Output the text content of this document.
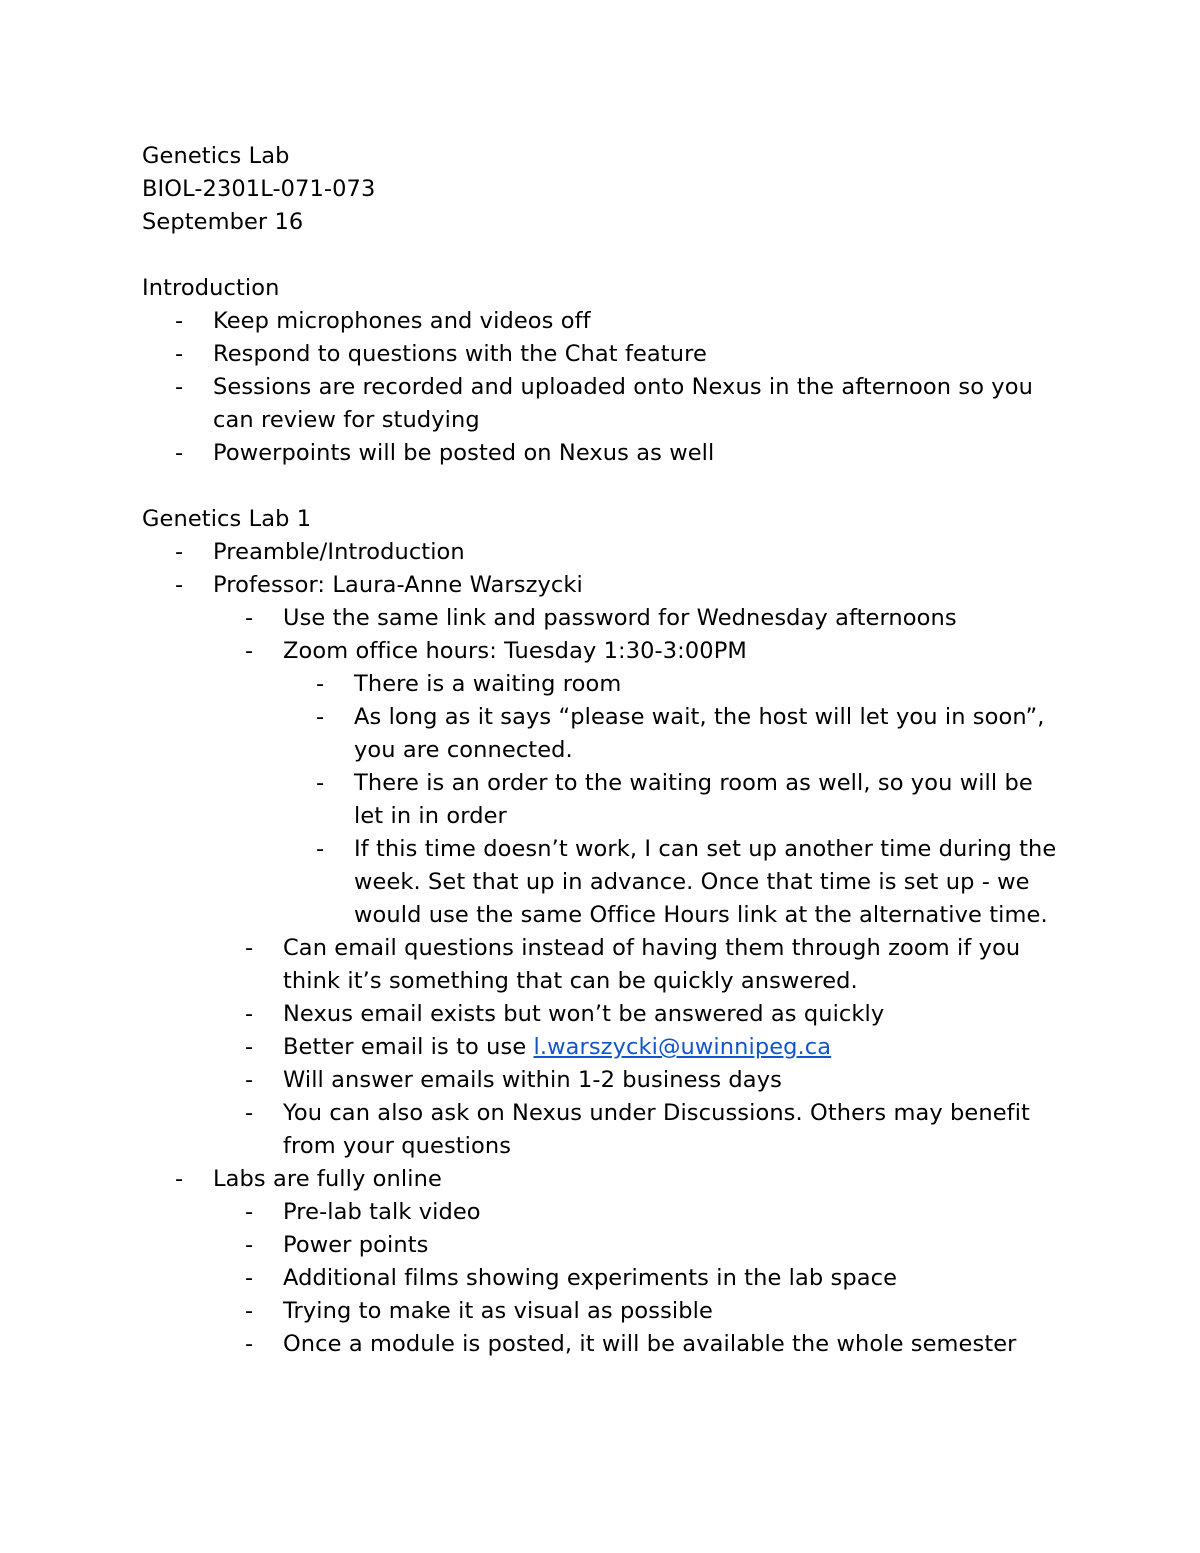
Genetics Lab
BIOL-2301L-071-073
September 16
Introduction
-	Keep microphones and videos off
-	Respond to questions with the Chat feature
-	Sessions are recorded and uploaded onto Nexus in the afternoon so you can review for studying
-	Powerpoints will be posted on Nexus as well
Genetics Lab 1
-	Preamble/Introduction
-	Professor: Laura-Anne Warszycki
-	Use the same link and password for Wednesday afternoons
-	Zoom office hours: Tuesday 1:30-3:00PM
-	There is a waiting room
-	As long as it says “please wait, the host will let you in soon”, you are connected.
-	There is an order to the waiting room as well, so you will be let in in order
-	If this time doesn’t work, I can set up another time during the week. Set that up in advance. Once that time is set up - we would use the same Office Hours link at the alternative time.
-	Can email questions instead of having them through zoom if you think it’s something that can be quickly answered.
-	Nexus email exists but won’t be answered as quickly
-	Better email is to use l.warszycki@uwinnipeg.ca
-	Will answer emails within 1-2 business days
-	You can also ask on Nexus under Discussions. Others may benefit from your questions
-	Labs are fully online
-	Pre-lab talk video
-	Power points
-	Additional films showing experiments in the lab space
-	Trying to make it as visual as possible
-	Once a module is posted, it will be available the whole semester
